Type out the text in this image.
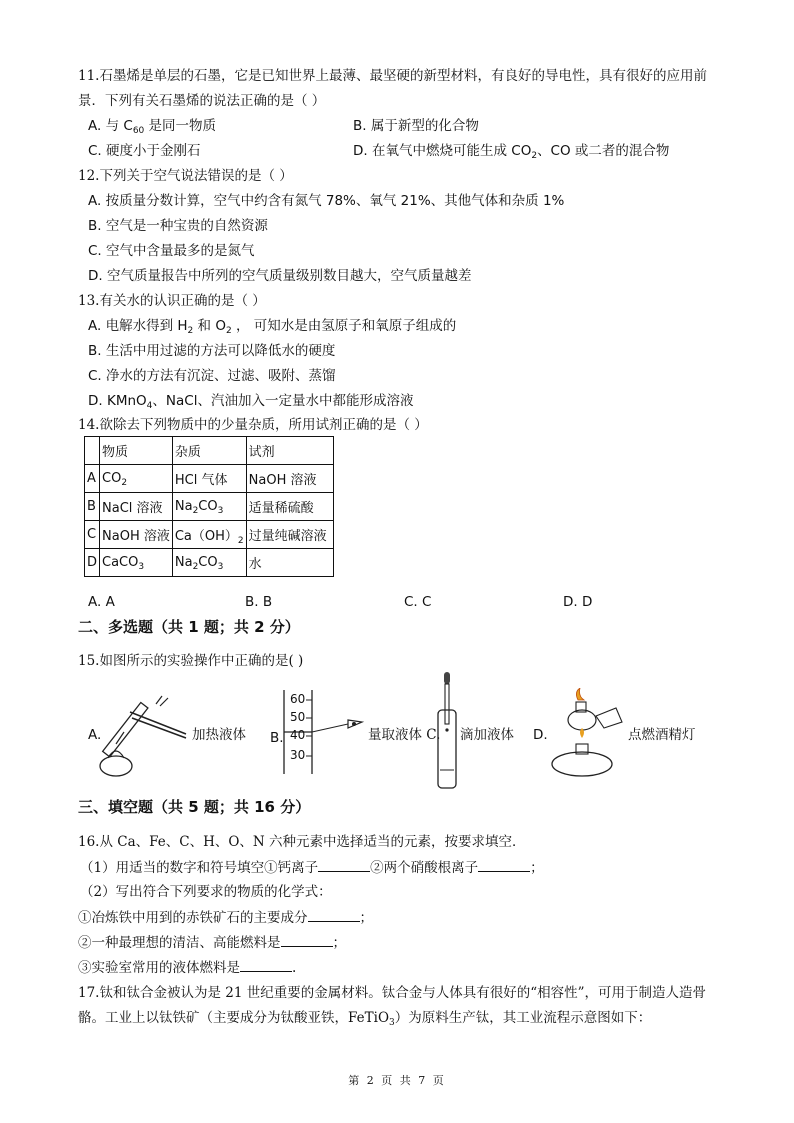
11.石墨烯是单层的石墨，它是已知世界上最薄、最坚硬的新型材料，有良好的导电性，具有很好的应用前
景．下列有关石墨烯的说法正确的是（ ）
A. 与 $C_{60}$ 是同一物质	B. 属于新型的化合物
C. 硬度小于金刚石	D. 在氧气中燃烧可能生成 $CO_2$、CO 或二者的混合物
12.下列关于空气说法错误的是（ ）
A. 按质量分数计算，空气中约含有氮气 78%、氧气 21%、其他气体和杂质 1%
B. 空气是一种宝贵的自然资源
C. 空气中含量最多的是氮气
D. 空气质量报告中所列的空气质量级别数目越大，空气质量越差
13.有关水的认识正确的是（ ）
A. 电解水得到 $H_2$ 和 $O_2$ ， 可知水是由氢原子和氧原子组成的
B. 生活中用过滤的方法可以降低水的硬度
C. 净水的方法有沉淀、过滤、吸附、蒸馏
D. KMnO$_4$、NaCl、汽油加入一定量水中都能形成溶液
14.欲除去下列物质中的少量杂质，所用试剂正确的是（ ）
	物质	杂质	试剂
A	$CO_2$	HCl 气体	NaOH 溶液
B	NaCl 溶液	$Na_2CO_3$	适量稀硫酸
C	NaOH 溶液	$Ca(OH)_2$	过量纯碱溶液
D	CaCO$_3$	$Na_2CO_3$	水
A. A	B. B	C. C	D. D
二、多选题（共 1 题；共 2 分）
15.如图所示的实验操作中正确的是( )
A.	加热液体 B.
60
50
40
30
量取液体 C. 滴加液体 D.	点燃酒精灯
三、填空题（共 5 题；共 16 分）
16.从 Ca、Fe、C、H、O、N 六种元素中选择适当的元素，按要求填空．
（1）用适当的数字和符号填空①钙离子	②两个硝酸根离子	；
（2）写出符合下列要求的物质的化学式：
①冶炼铁中用到的赤铁矿石的主要成分	；
②一种最理想的清洁、高能燃料是	；
③实验室常用的液体燃料是	.
17.钛和钛合金被认为是 21 世纪重要的金属材料。钛合金与人体具有很好的“相容性”，可用于制造人造骨
骼。工业上以钛铁矿（主要成分为钛酸亚铁，FeTiO$_3$）为原料生产钛，其工业流程示意图如下：
第 2 页 共 7 页
